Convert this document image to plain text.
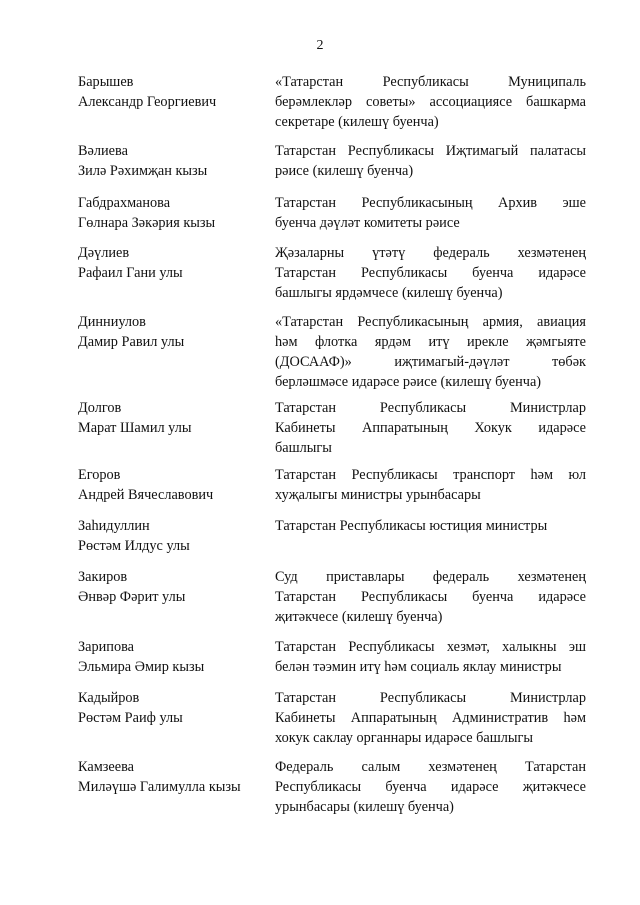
2
Барышев
Александр Георгиевич
«Татарстан Республикасы Муниципаль
берәмлекләр советы» ассоциациясе башкарма
секретаре (килешү буенча)
Вәлиева
Зилә Рәхимҗан кызы
Татарстан Республикасы Иҗтимагый палатасы
рәисе (килешү буенча)
Габдрахманова
Гөлнара Зәкәрия кызы
Татарстан Республикасының Архив эше
буенча дәүләт комитеты рәисе
Дәүлиев
Рафаил Гани улы
Җәзаларны үтәтү федераль хезмәтенең
Татарстан Республикасы буенча идарәсе
башлыгы ярдәмчесе (килешү буенча)
Динниулов
Дамир Равил улы
«Татарстан Республикасының армия, авиация
һәм флотка ярдәм итү ирекле җәмгыяте
(ДОСААФ)» иҗтимагый-дәүләт төбәк
берләшмәсе идарәсе рәисе (килешү буенча)
Долгов
Марат Шамил улы
Татарстан Республикасы Министрлар
Кабинеты Аппаратының Хокук идарәсе
башлыгы
Егоров
Андрей Вячеславович
Татарстан Республикасы транспорт һәм юл
хуҗалыгы министры урынбасары
Заһидуллин
Рөстәм Илдус улы
Татарстан Республикасы юстиция министры
Закиров
Әнвәр Фәрит улы
Суд приставлары федераль хезмәтенең
Татарстан Республикасы буенча идарәсе
җитәкчесе (килешү буенча)
Зарипова
Эльмира Әмир кызы
Татарстан Республикасы хезмәт, халыкны эш
белән тәэмин итү һәм социаль яклау министры
Кадыйров
Рөстәм Раиф улы
Татарстан Республикасы Министрлар
Кабинеты Аппаратының Административ һәм
хокук саклау органнары идарәсе башлыгы
Камзеева
Миләүшә Галимулла кызы
Федераль салым хезмәтенең Татарстан
Республикасы буенча идарәсе җитәкчесе
урынбасары (килешү буенча)
